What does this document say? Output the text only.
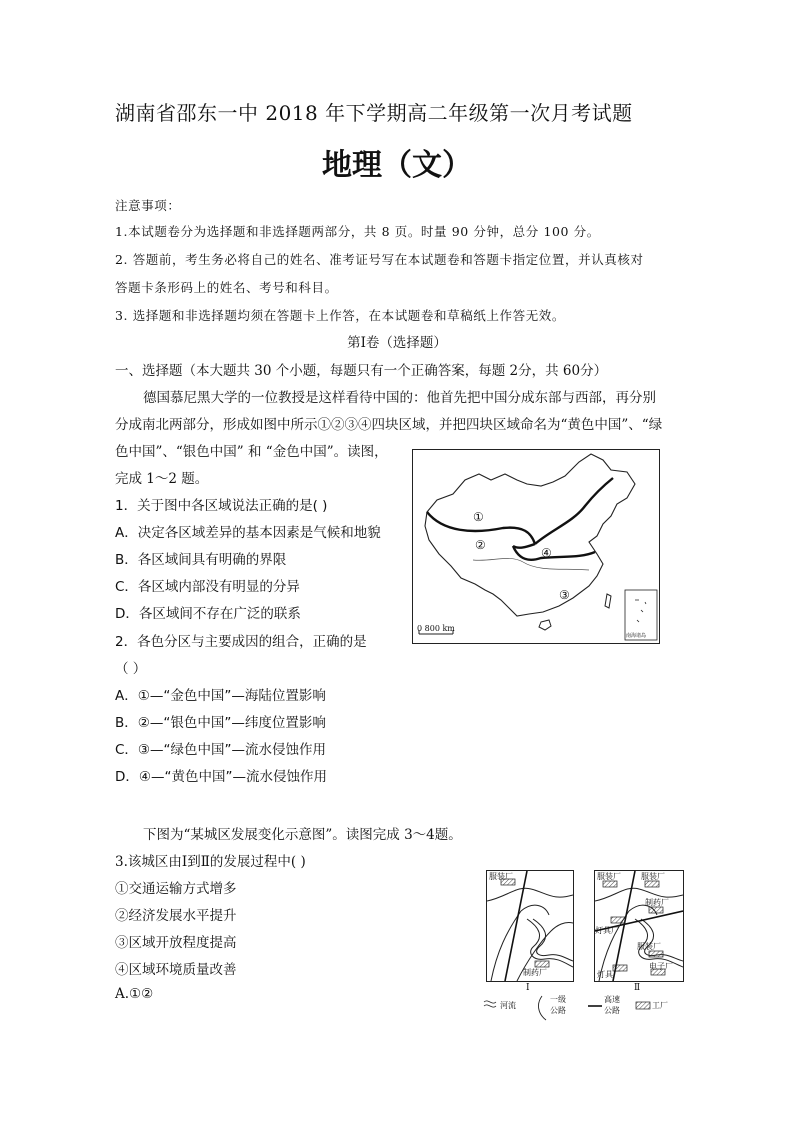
湖南省邵东一中 2018 年下学期高二年级第一次月考试题
地理（文）
注意事项：
1.本试题卷分为选择题和非选择题两部分，共 8 页。时量 90 分钟，总分 100 分。
2. 答题前，考生务必将自己的姓名、准考证号写在本试题卷和答题卡指定位置，并认真核对
答题卡条形码上的姓名、考号和科目。
3. 选择题和非选择题均须在答题卡上作答，在本试题卷和草稿纸上作答无效。
第Ⅰ卷（选择题）
一、选择题（本大题共 30 个小题，每题只有一个正确答案，每题 2分，共 60分）
德国慕尼黑大学的一位教授是这样看待中国的：他首先把中国分成东部与西部，再分别
分成南北两部分，形成如图中所示①②③④四块区域，并把四块区域命名为“黄色中国”、“绿
色中国”、“银色中国” 和 “金色中国”。读图，
完成 1～2 题。
1．关于图中各区域说法正确的是( )
A．决定各区域差异的基本因素是气候和地貌
B．各区域间具有明确的界限
C．各区域内部没有明显的分异
D．各区域间不存在广泛的联系
2．各色分区与主要成因的组合，正确的是
（ ）
A．①—“金色中国”—海陆位置影响
B．②—“银色中国”—纬度位置影响
C．③—“绿色中国”—流水侵蚀作用
D．④—“黄色中国”—流水侵蚀作用
①
②
③
④
0 800 km
南海诸岛
下图为“某城区发展变化示意图”。读图完成 3～4题。
3.该城区由Ⅰ到Ⅱ的发展过程中( )
①交通运输方式增多
②经济发展水平提升
③区域开放程度提高
④区域环境质量改善
A.①②
服装厂
制药厂
服装厂	服装厂
制药厂
灯具厂
服装厂
灯具厂
电子厂
Ⅰ	Ⅱ
河流
一级
公路
高速
公路
工厂
